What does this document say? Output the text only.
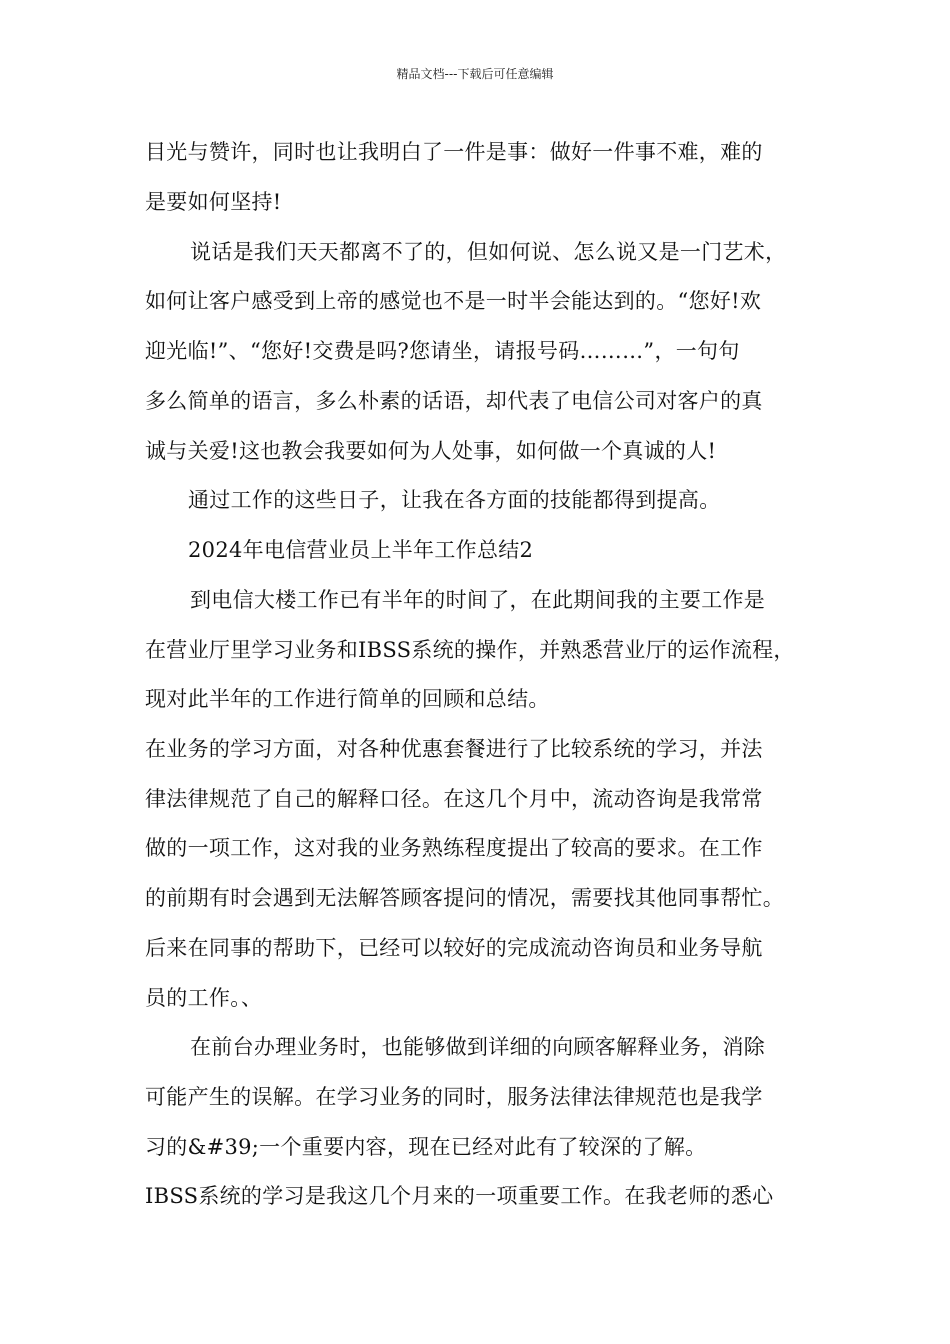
精品文档---下载后可任意编辑
目光与赞许，同时也让我明白了一件是事：做好一件事不难，难的
是要如何坚持!
说话是我们天天都离不了的，但如何说、怎么说又是一门艺术，
如何让客户感受到上帝的感觉也不是一时半会能达到的。“您好!欢
迎光临!”、“您好!交费是吗?您请坐，请报号码………”，一句句
多么简单的语言，多么朴素的话语，却代表了电信公司对客户的真
诚与关爱!这也教会我要如何为人处事，如何做一个真诚的人!
通过工作的这些日子，让我在各方面的技能都得到提高。
2024年电信营业员上半年工作总结2
到电信大楼工作已有半年的时间了，在此期间我的主要工作是
在营业厅里学习业务和IBSS系统的操作，并熟悉营业厅的运作流程，
现对此半年的工作进行简单的回顾和总结。
在业务的学习方面，对各种优惠套餐进行了比较系统的学习，并法
律法律规范了自己的解释口径。在这几个月中，流动咨询是我常常
做的一项工作，这对我的业务熟练程度提出了较高的要求。在工作
的前期有时会遇到无法解答顾客提问的情况，需要找其他同事帮忙。
后来在同事的帮助下，已经可以较好的完成流动咨询员和业务导航
员的工作。、
在前台办理业务时，也能够做到详细的向顾客解释业务，消除
可能产生的误解。在学习业务的同时，服务法律法律规范也是我学
习的&#39;一个重要内容，现在已经对此有了较深的了解。
IBSS系统的学习是我这几个月来的一项重要工作。在我老师的悉心
